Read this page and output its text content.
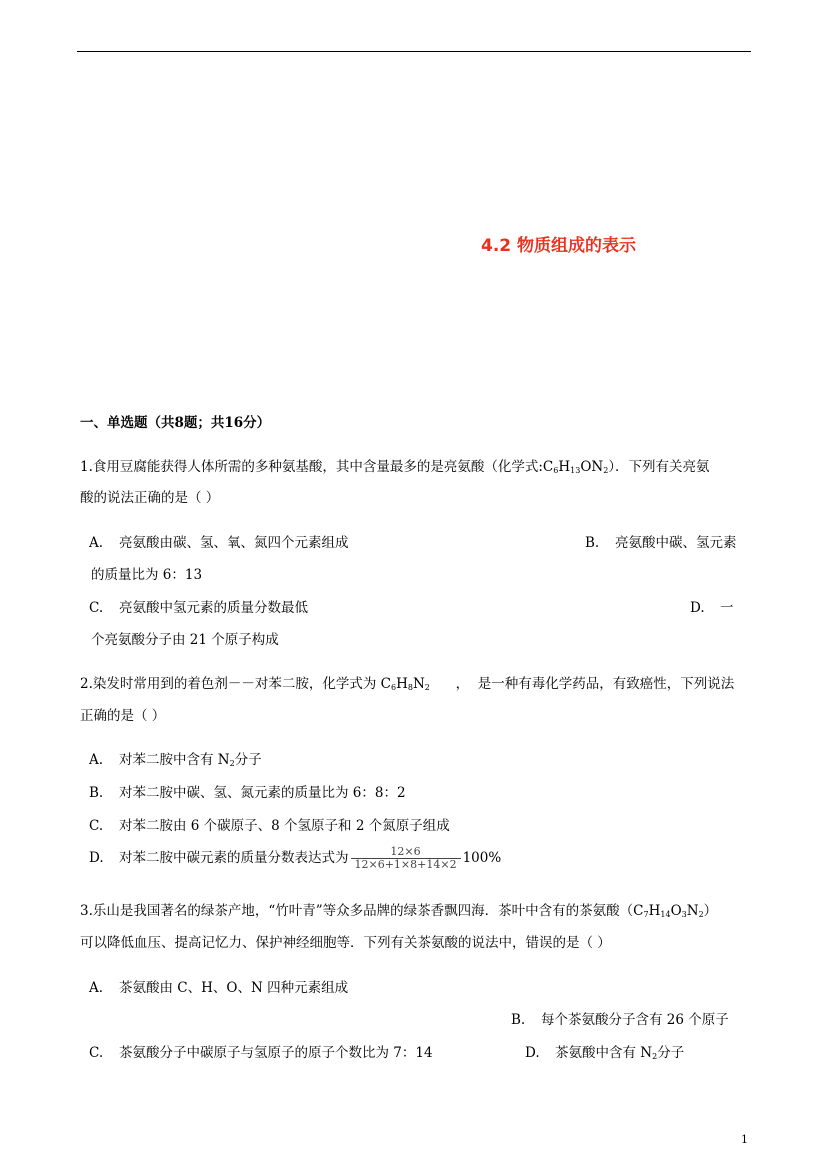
4.2 物质组成的表示
一、单选题（共8题；共16分）
1.食用豆腐能获得人体所需的多种氨基酸，其中含量最多的是亮氨酸（化学式$:C_6H_{13}ON_2$）．下列有关亮氨
酸的说法正确的是（ ）
A. 亮氨酸由碳、氢、氧、氮四个元素组成	B. 亮氨酸中碳、氢元素
的质量比为 6：13
C. 亮氨酸中氢元素的质量分数最低	D. 一
个亮氨酸分子由 21 个原子构成
2.染发时常用到的着色剂－－对苯二胺，化学式为 $C_6H_8N_2$      ，  是一种有毒化学药品，有致癌性，下列说法
正确的是（ ）
A. 对苯二胺中含有 $N_2$分子
B. 对苯二胺中碳、氢、氮元素的质量比为 6：8：2
C. 对苯二胺由 6 个碳原子、8 个氢原子和 2 个氮原子组成
D. 对苯二胺中碳元素的质量分数表达式为 $\frac{12\times 6}{12\times 6+1\times 8+14\times 2} 100\%$
3.乐山是我国著名的绿茶产地，“竹叶青”等众多品牌的绿茶香飘四海．茶叶中含有的茶氨酸$(C_7H_{14}O_3N_2)$
可以降低血压、提高记忆力、保护神经细胞等．下列有关茶氨酸的说法中，错误的是（ ）
A. 茶氨酸由 C、H、O、N 四种元素组成
B. 每个茶氨酸分子含有 26 个原子
C. 茶氨酸分子中碳原子与氢原子的原子个数比为 7：14	D. 茶氨酸中含有 $N_2$分子
1
